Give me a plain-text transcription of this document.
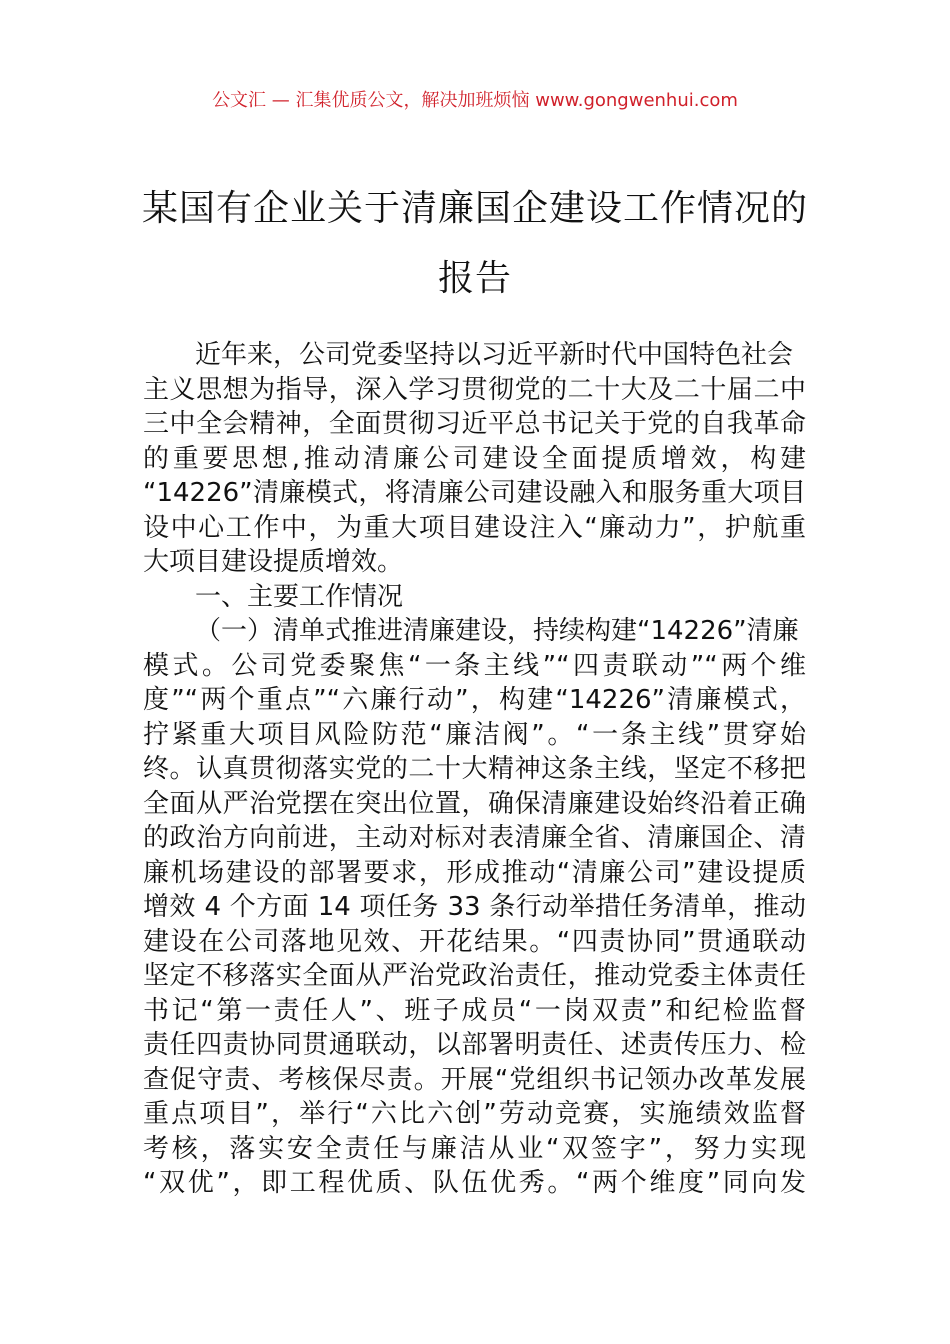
公文汇 — 汇集优质公文，解决加班烦恼 www.gongwenhui.com
某国有企业关于清廉国企建设工作情况的
报告
近年来，公司党委坚持以习近平新时代中国特色社会
主义思想为指导，深入学习贯彻党的二十大及二十届二中
三中全会精神，全面贯彻习近平总书记关于党的自我革命
的重要思想,推动清廉公司建设全面提质增效，构建
“14226”清廉模式，将清廉公司建设融入和服务重大项目
设中心工作中，为重大项目建设注入“廉动力”，护航重
大项目建设提质增效。
一、主要工作情况
（一）清单式推进清廉建设，持续构建“14226”清廉
模式。公司党委聚焦“一条主线”“四责联动”“两个维
度”“两个重点”“六廉行动”，构建“14226”清廉模式，
拧紧重大项目风险防范“廉洁阀”。“一条主线”贯穿始
终。认真贯彻落实党的二十大精神这条主线，坚定不移把
全面从严治党摆在突出位置，确保清廉建设始终沿着正确
的政治方向前进，主动对标对表清廉全省、清廉国企、清
廉机场建设的部署要求，形成推动“清廉公司”建设提质
增效 4 个方面 14 项任务 33 条行动举措任务清单，推动
建设在公司落地见效、开花结果。“四责协同”贯通联动
坚定不移落实全面从严治党政治责任，推动党委主体责任
书记“第一责任人”、班子成员“一岗双责”和纪检监督
责任四责协同贯通联动，以部署明责任、述责传压力、检
查促守责、考核保尽责。开展“党组织书记领办改革发展
重点项目”，举行“六比六创”劳动竞赛，实施绩效监督
考核，落实安全责任与廉洁从业“双签字”，努力实现
“双优”，即工程优质、队伍优秀。“两个维度”同向发
